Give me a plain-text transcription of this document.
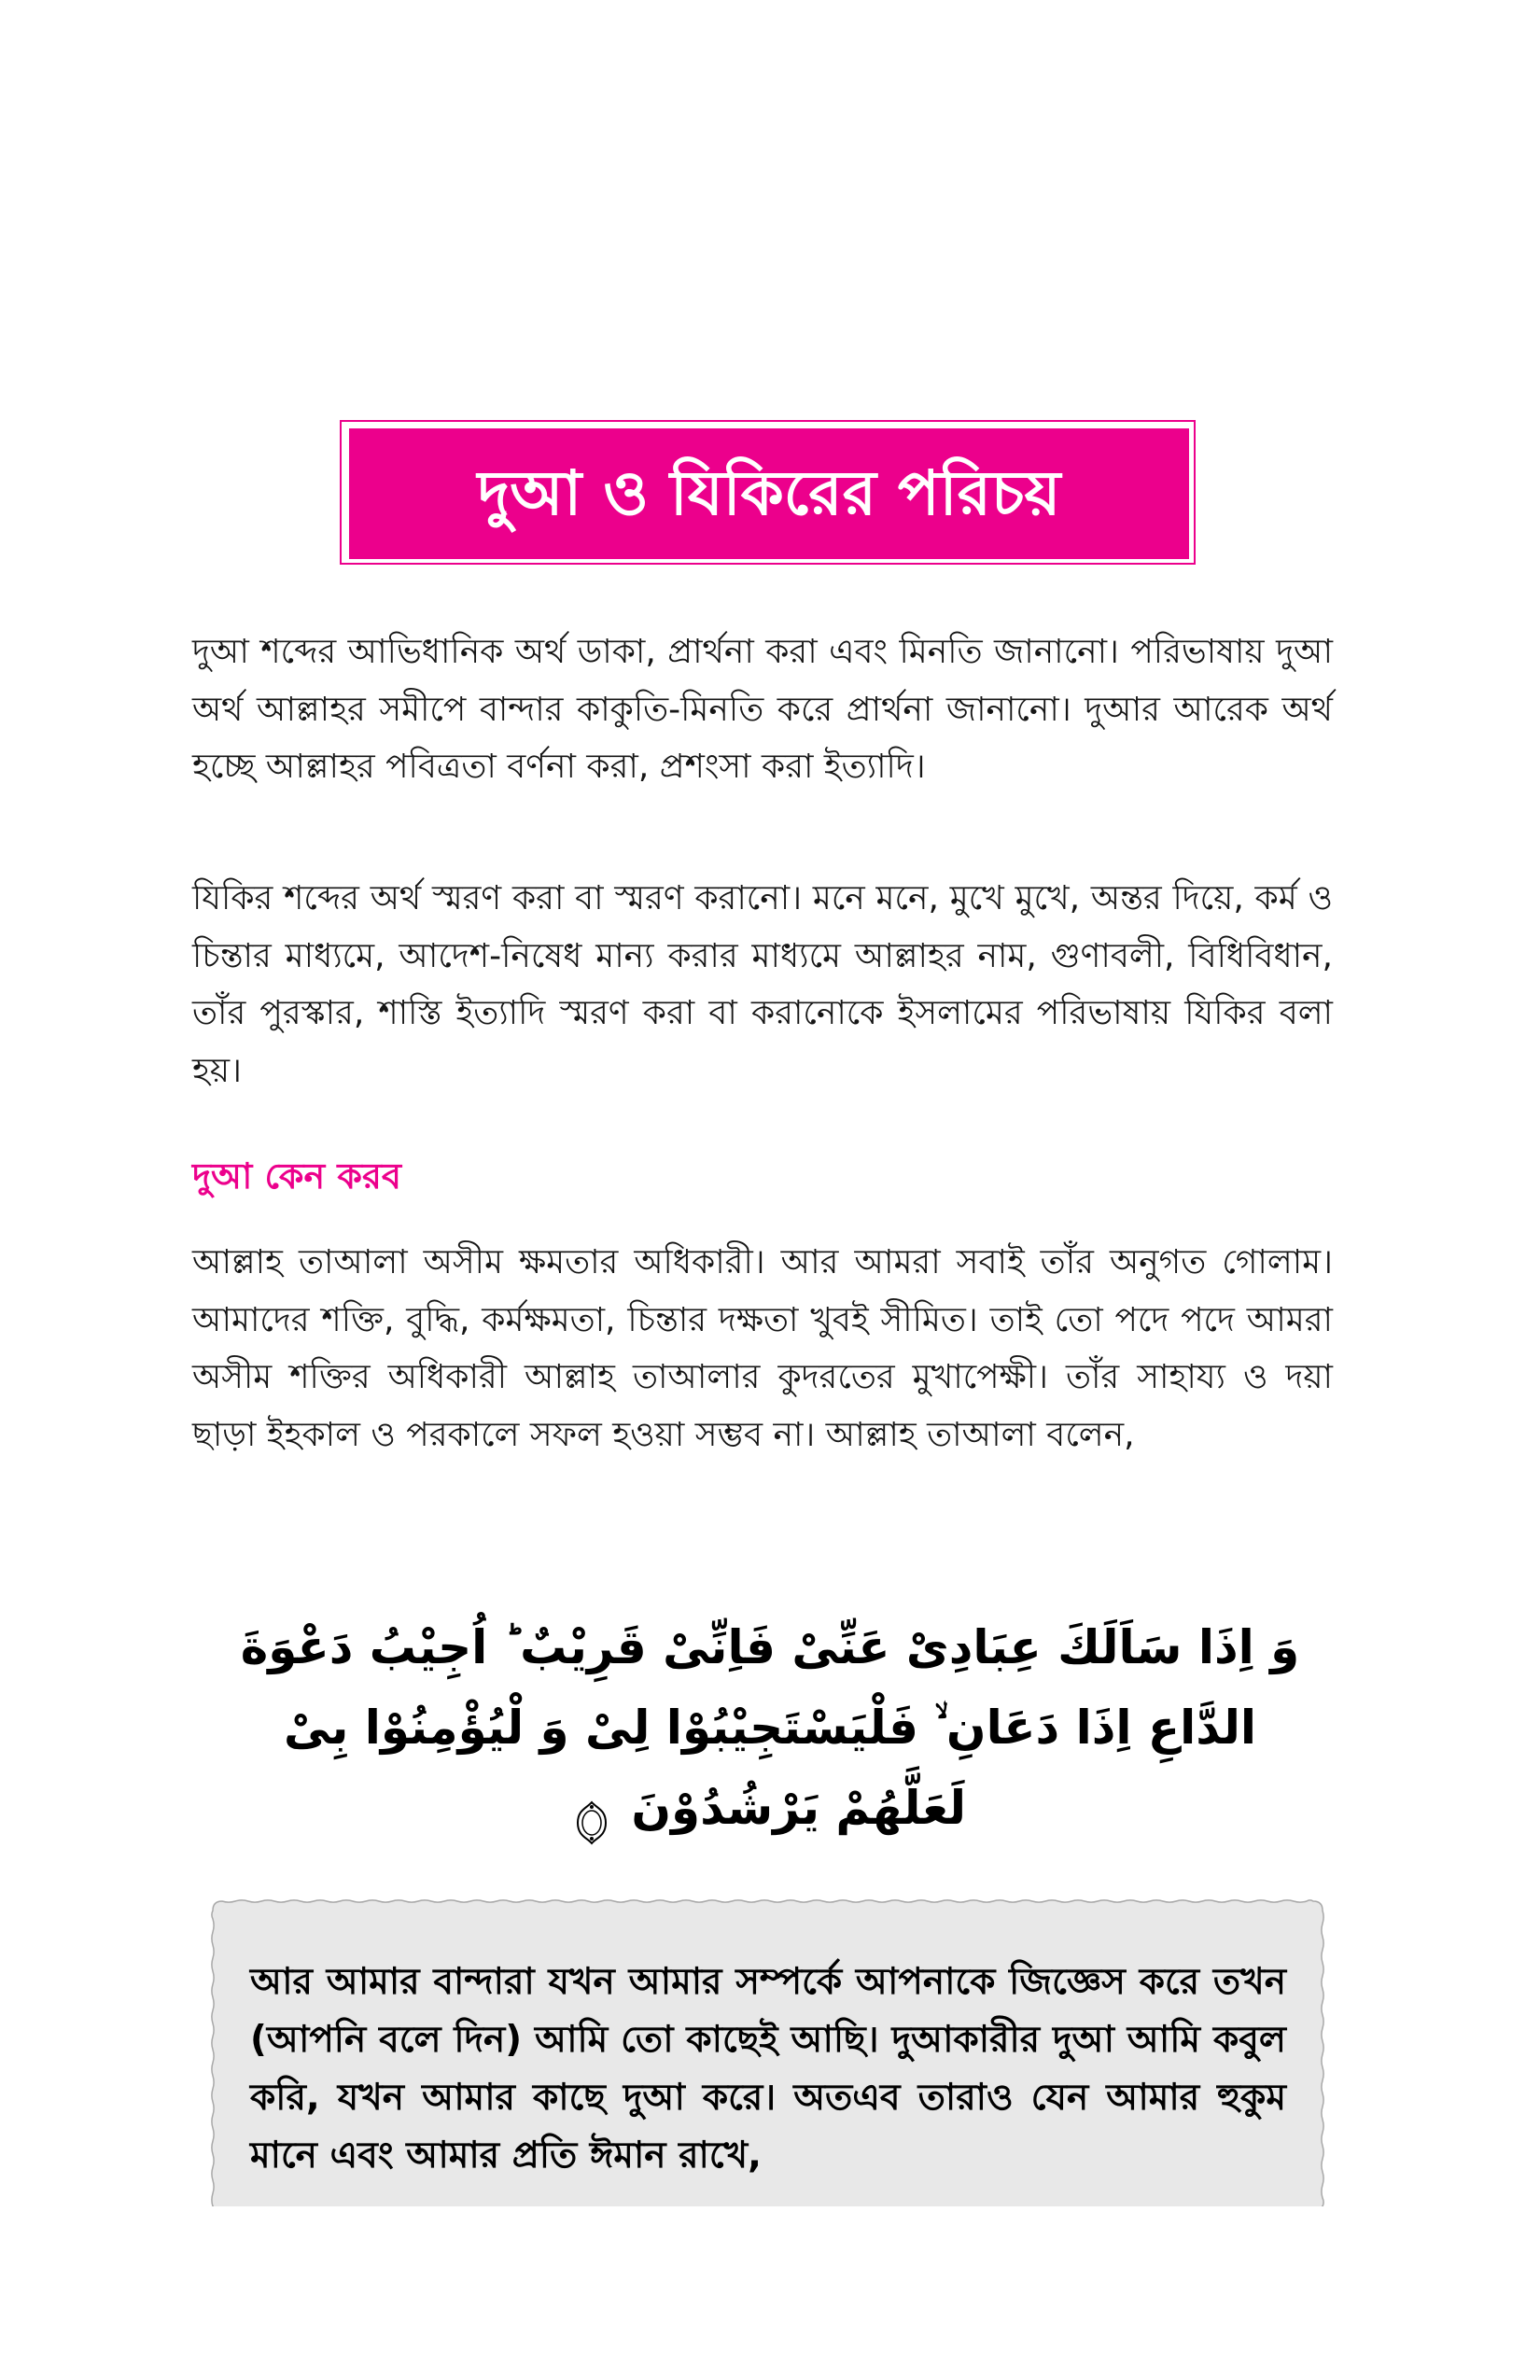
দুআ ও যিকিরের পরিচয়

দুআ শব্দের আভিধানিক অর্থ ডাকা, প্রার্থনা করা এবং মিনতি জানানো। পরিভাষায় দুআ অর্থ আল্লাহর সমীপে বান্দার কাকুতি-মিনতি করে প্রার্থনা জানানো। দুআর আরেক অর্থ হচ্ছে আল্লাহর পবিত্রতা বর্ণনা করা, প্রশংসা করা ইত্যাদি।

যিকির শব্দের অর্থ স্মরণ করা বা স্মরণ করানো। মনে মনে, মুখে মুখে, অন্তর দিয়ে, কর্ম ও চিন্তার মাধ্যমে, আদেশ-নিষেধ মান্য করার মাধ্যমে আল্লাহর নাম, গুণাবলী, বিধিবিধান, তাঁর পুরস্কার, শাস্তি ইত্যাদি স্মরণ করা বা করানোকে ইসলামের পরিভাষায় যিকির বলা হয়।

দুআ কেন করব

আল্লাহ তাআলা অসীম ক্ষমতার অধিকারী। আর আমরা সবাই তাঁর অনুগত গোলাম। আমাদের শক্তি, বুদ্ধি, কর্মক্ষমতা, চিন্তার দক্ষতা খুবই সীমিত। তাই তো পদে পদে আমরা অসীম শক্তির অধিকারী আল্লাহ তাআলার কুদরতের মুখাপেক্ষী। তাঁর সাহায্য ও দয়া ছাড়া ইহকাল ও পরকালে সফল হওয়া সম্ভব না। আল্লাহ তাআলা বলেন,

وَ اِذَا سَاَلَكَ عِبَادِیْ عَنِّیْ فَاِنِّیْ قَرِیْبٌ ؕ اُجِیْبُ دَعْوَةَ الدَّاعِ اِذَا دَعَانِ ۙ فَلْیَسْتَجِیْبُوْا لِیْ وَ لْیُؤْمِنُوْا بِیْ لَعَلَّهُمْ یَرْشُدُوْنَ

আর আমার বান্দারা যখন আমার সম্পর্কে আপনাকে জিজ্ঞেস করে তখন (আপনি বলে দিন) আমি তো কাছেই আছি। দুআকারীর দুআ আমি কবুল করি, যখন আমার কাছে দুআ করে। অতএব তারাও যেন আমার হুকুম মানে এবং আমার প্রতি ঈমান রাখে,
